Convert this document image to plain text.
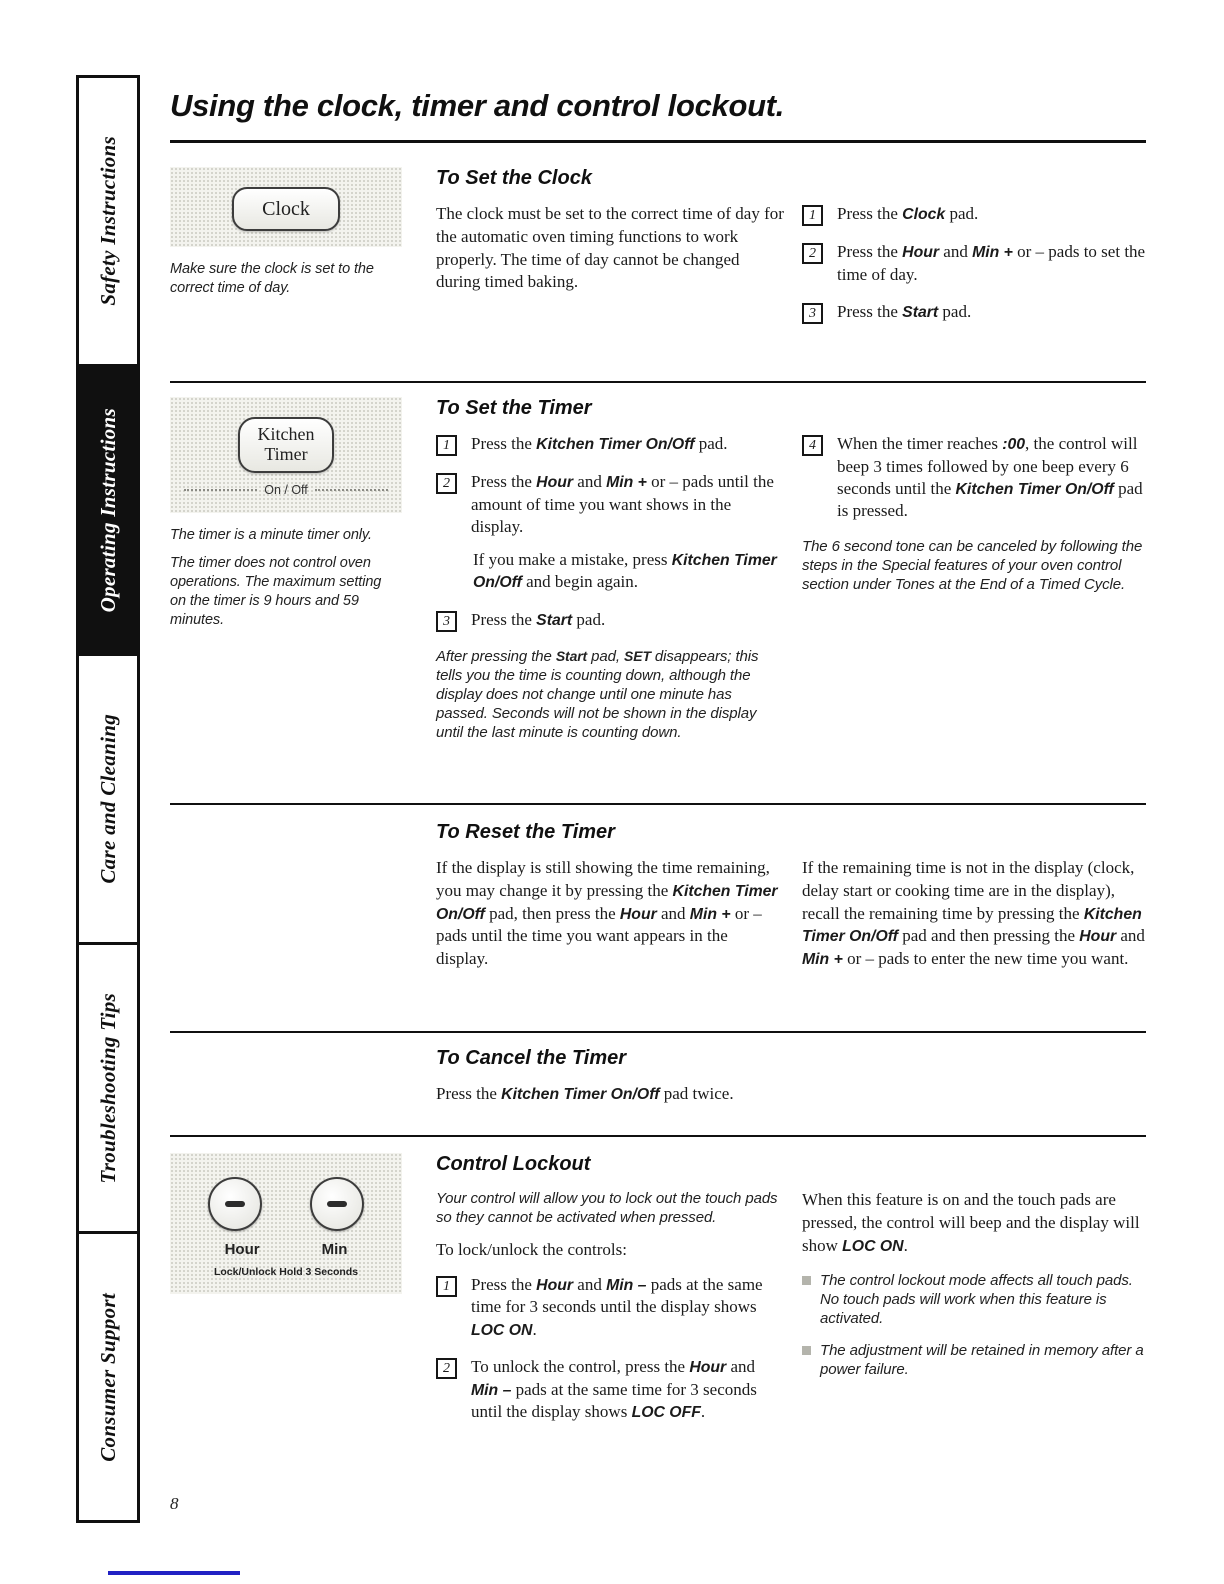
Safety Instructions
Operating Instructions
Care and Cleaning
Troubleshooting Tips
Consumer Support
Using the clock, timer and control lockout.
Clock

Make sure the clock is set to the correct time of day.

To Set the Clock

The clock must be set to the correct time of day for the automatic oven timing functions to work properly. The time of day cannot be changed during timed baking.

1	Press the Clock pad.
2	Press the Hour and Min + or – pads to set the time of day.
3	Press the Start pad.
Kitchen
Timer
On / Off

The timer is a minute timer only.

The timer does not control oven operations. The maximum setting on the timer is 9 hours and 59 minutes.

To Set the Timer
1	Press the Kitchen Timer On/Off pad.
2	Press the Hour and Min + or – pads until the amount of time you want shows in the display.

If you make a mistake, press Kitchen Timer On/Off and begin again.

3	Press the Start pad.

After pressing the Start pad, SET disappears; this tells you the time is counting down, although the display does not change until one minute has passed. Seconds will not be shown in the display until the last minute is counting down.

4	When the timer reaches :00, the control will beep 3 times followed by one beep every 6 seconds until the Kitchen Timer On/Off pad is pressed.

The 6 second tone can be canceled by following the steps in the Special features of your oven control section under Tones at the End of a Timed Cycle.

To Reset the Timer

If the display is still showing the time remaining, you may change it by pressing the Kitchen Timer On/Off pad, then press the Hour and Min + or – pads until the time you want appears in the display.

If the remaining time is not in the display (clock, delay start or cooking time are in the display), recall the remaining time by pressing the Kitchen Timer On/Off pad and then pressing the Hour and Min + or – pads to enter the new time you want.

To Cancel the Timer

Press the Kitchen Timer On/Off pad twice.

Hour	Min
Lock/Unlock Hold 3 Seconds
Control Lockout

Your control will allow you to lock out the touch pads so they cannot be activated when pressed.

To lock/unlock the controls:

1	Press the Hour and Min – pads at the same time for 3 seconds until the display shows LOC ON.
2	To unlock the control, press the Hour and Min – pads at the same time for 3 seconds until the display shows LOC OFF.

When this feature is on and the touch pads are pressed, the control will beep and the display will show LOC ON.

The control lockout mode affects all touch pads. No touch pads will work when this feature is activated.
The adjustment will be retained in memory after a power failure.
8
